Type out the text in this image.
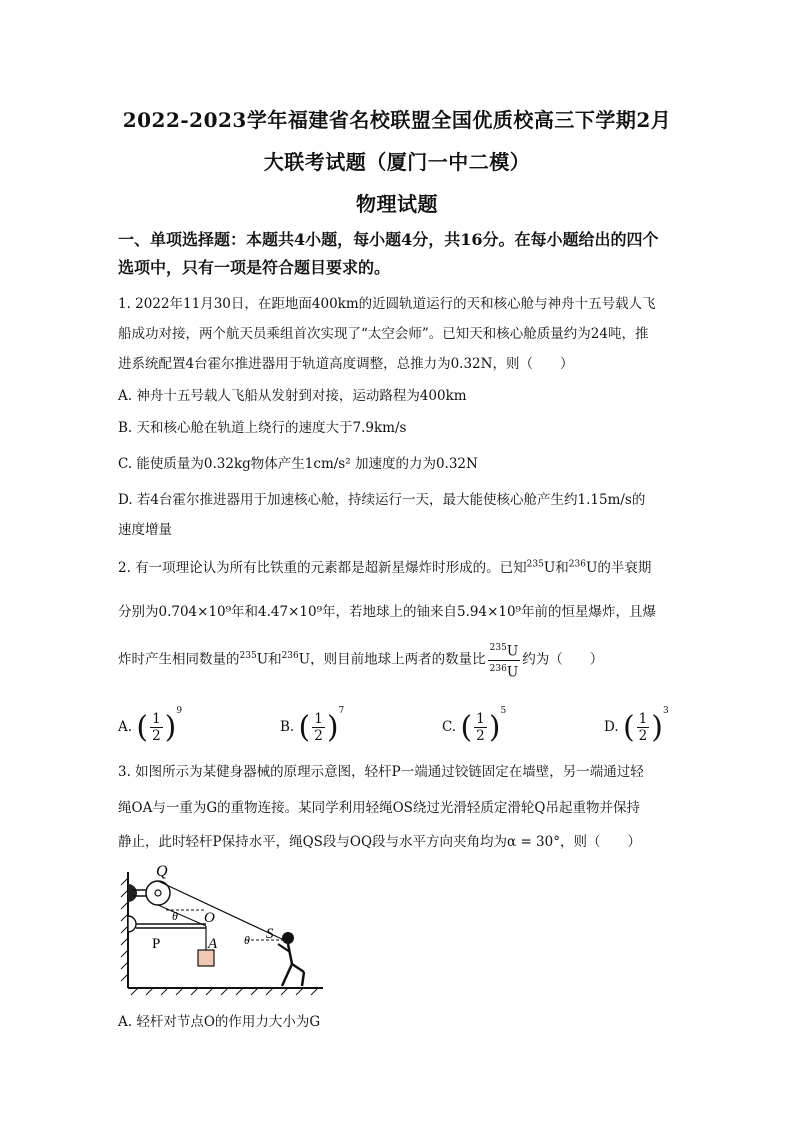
2022-2023学年福建省名校联盟全国优质校高三下学期2月
大联考试题（厦门一中二模）
物理试题
一、单项选择题：本题共4小题，每小题4分，共16分。在每小题给出的四个
选项中，只有一项是符合题目要求的。
1. 2022年11月30日，在距地面400km的近圆轨道运行的天和核心舱与神舟十五号载人飞
船成功对接，两个航天员乘组首次实现了“太空会师”。已知天和核心舱质量约为24吨，推
进系统配置4台霍尔推进器用于轨道高度调整，总推力为0.32N，则（　　）
A. 神舟十五号载人飞船从发射到对接，运动路程为400km
B. 天和核心舱在轨道上绕行的速度大于7.9km/s
C. 能使质量为0.32kg物体产生1cm/s² 加速度的力为0.32N
D. 若4台霍尔推进器用于加速核心舱，持续运行一天，最大能使核心舱产生约1.15m/s的
速度增量
2. 有一项理论认为所有比铁重的元素都是超新星爆炸时形成的。已知$^{235}$U和$^{236}$U的半衰期
分别为0.704×10⁹年和4.47×10⁹年，若地球上的铀来自5.94×10⁹年前的恒星爆炸，且爆
炸时产生相同数量的$^{235}$U和$^{236}$U，则目前地球上两者的数量比 $\frac{^{235}U}{^{236}U}$ 约为（　　）
A. ( $\frac{1}{2} )^9$
B. ( $\frac{1}{2} )^7$
C. ( $\frac{1}{2} )^5$
D. ( $\frac{1}{2} )^3$
3. 如图所示为某健身器械的原理示意图，轻杆P一端通过铰链固定在墙壁，另一端通过轻
绳OA与一重为G的重物连接。某同学利用轻绳OS绕过光滑轻质定滑轮Q吊起重物并保持
静止，此时轻杆P保持水平，绳QS段与OQ段与水平方向夹角均为α = 30°，则（　　）
Q
θ O
P	A θ S
A. 轻杆对节点O的作用力大小为G
